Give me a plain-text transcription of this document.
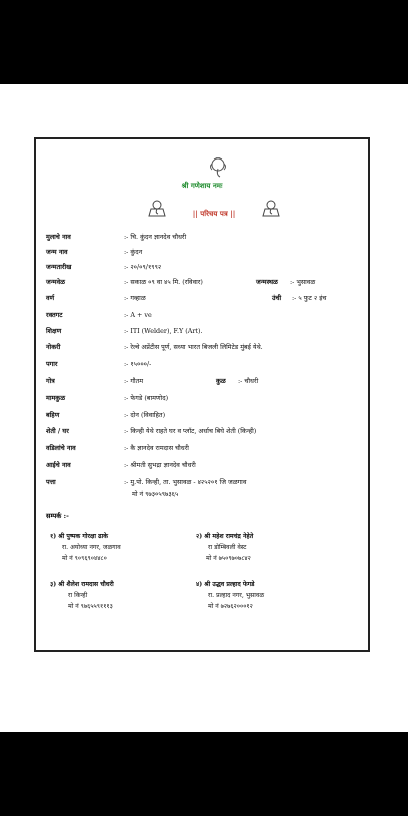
श्री गणेशाय नमः
|| परिचय पत्र ||
मुलाचे नाव	:- चि. कुंदन ज्ञानदेव चौधरी
जन्म नाव	:- कुंदन
जन्मतारीख	:- २०/०९/१९९२
जन्मवेळ	:- सकाळ ०९ वा ४५ मि. (रविवार)	जन्मस्थळ :- भुसावळ
वर्ण	:- गव्हाळ	उंची :- ५ फुट २ इंच
रक्तगट	:- A + ve
शिक्षण	:- ITI (Welder), F.Y (Art).
नोकरी	:- रेल्वे अप्रेंटीस पूर्ण, सध्या भारत बिजली लिमिटेड मुंबई येथे.
पगार	:- १५०००/-
गोत्र	:- गौतम	कुळ :- चौधरी
मामकुळ	:- फेगडे (बामणोद)
बहिण	:- दोन (विवाहित)
शेती / घर	:- किन्ही येथे राहते घर व प्लॉट, अर्धाच बिघे शेती (किन्ही)
वडिलांचे नाव	:- कै ज्ञानदेव रामदास चौधरी
आईचे नाव	:- श्रीमती सुभद्रा ज्ञानदेव चौधरी
पत्ता	:- मु.पो. किन्ही, ता. भुसावळ - ४२५२०१ जि जळगाव
मो नं ९७३०५९७३६५
सम्पर्क :-
१) श्री पुष्पक गोरक्षा ढाके
रा. अयोध्या नगर, जळगाव
मो नं ९०९६९०४४८०
२) श्री महेश रामचंद्र नेहेते
रा डोम्बिवली वेस्ट
मो नं ७५०९७०७८४२
३) श्री शैलेश रामदास चौधरी
रा किन्ही
मो नं ९७६५५९१११३
४) श्री उद्धव प्रल्हाद फेगडे
रा. प्रल्हाद नगर, भुसावळ
मो नं ७२७६२०००१२
